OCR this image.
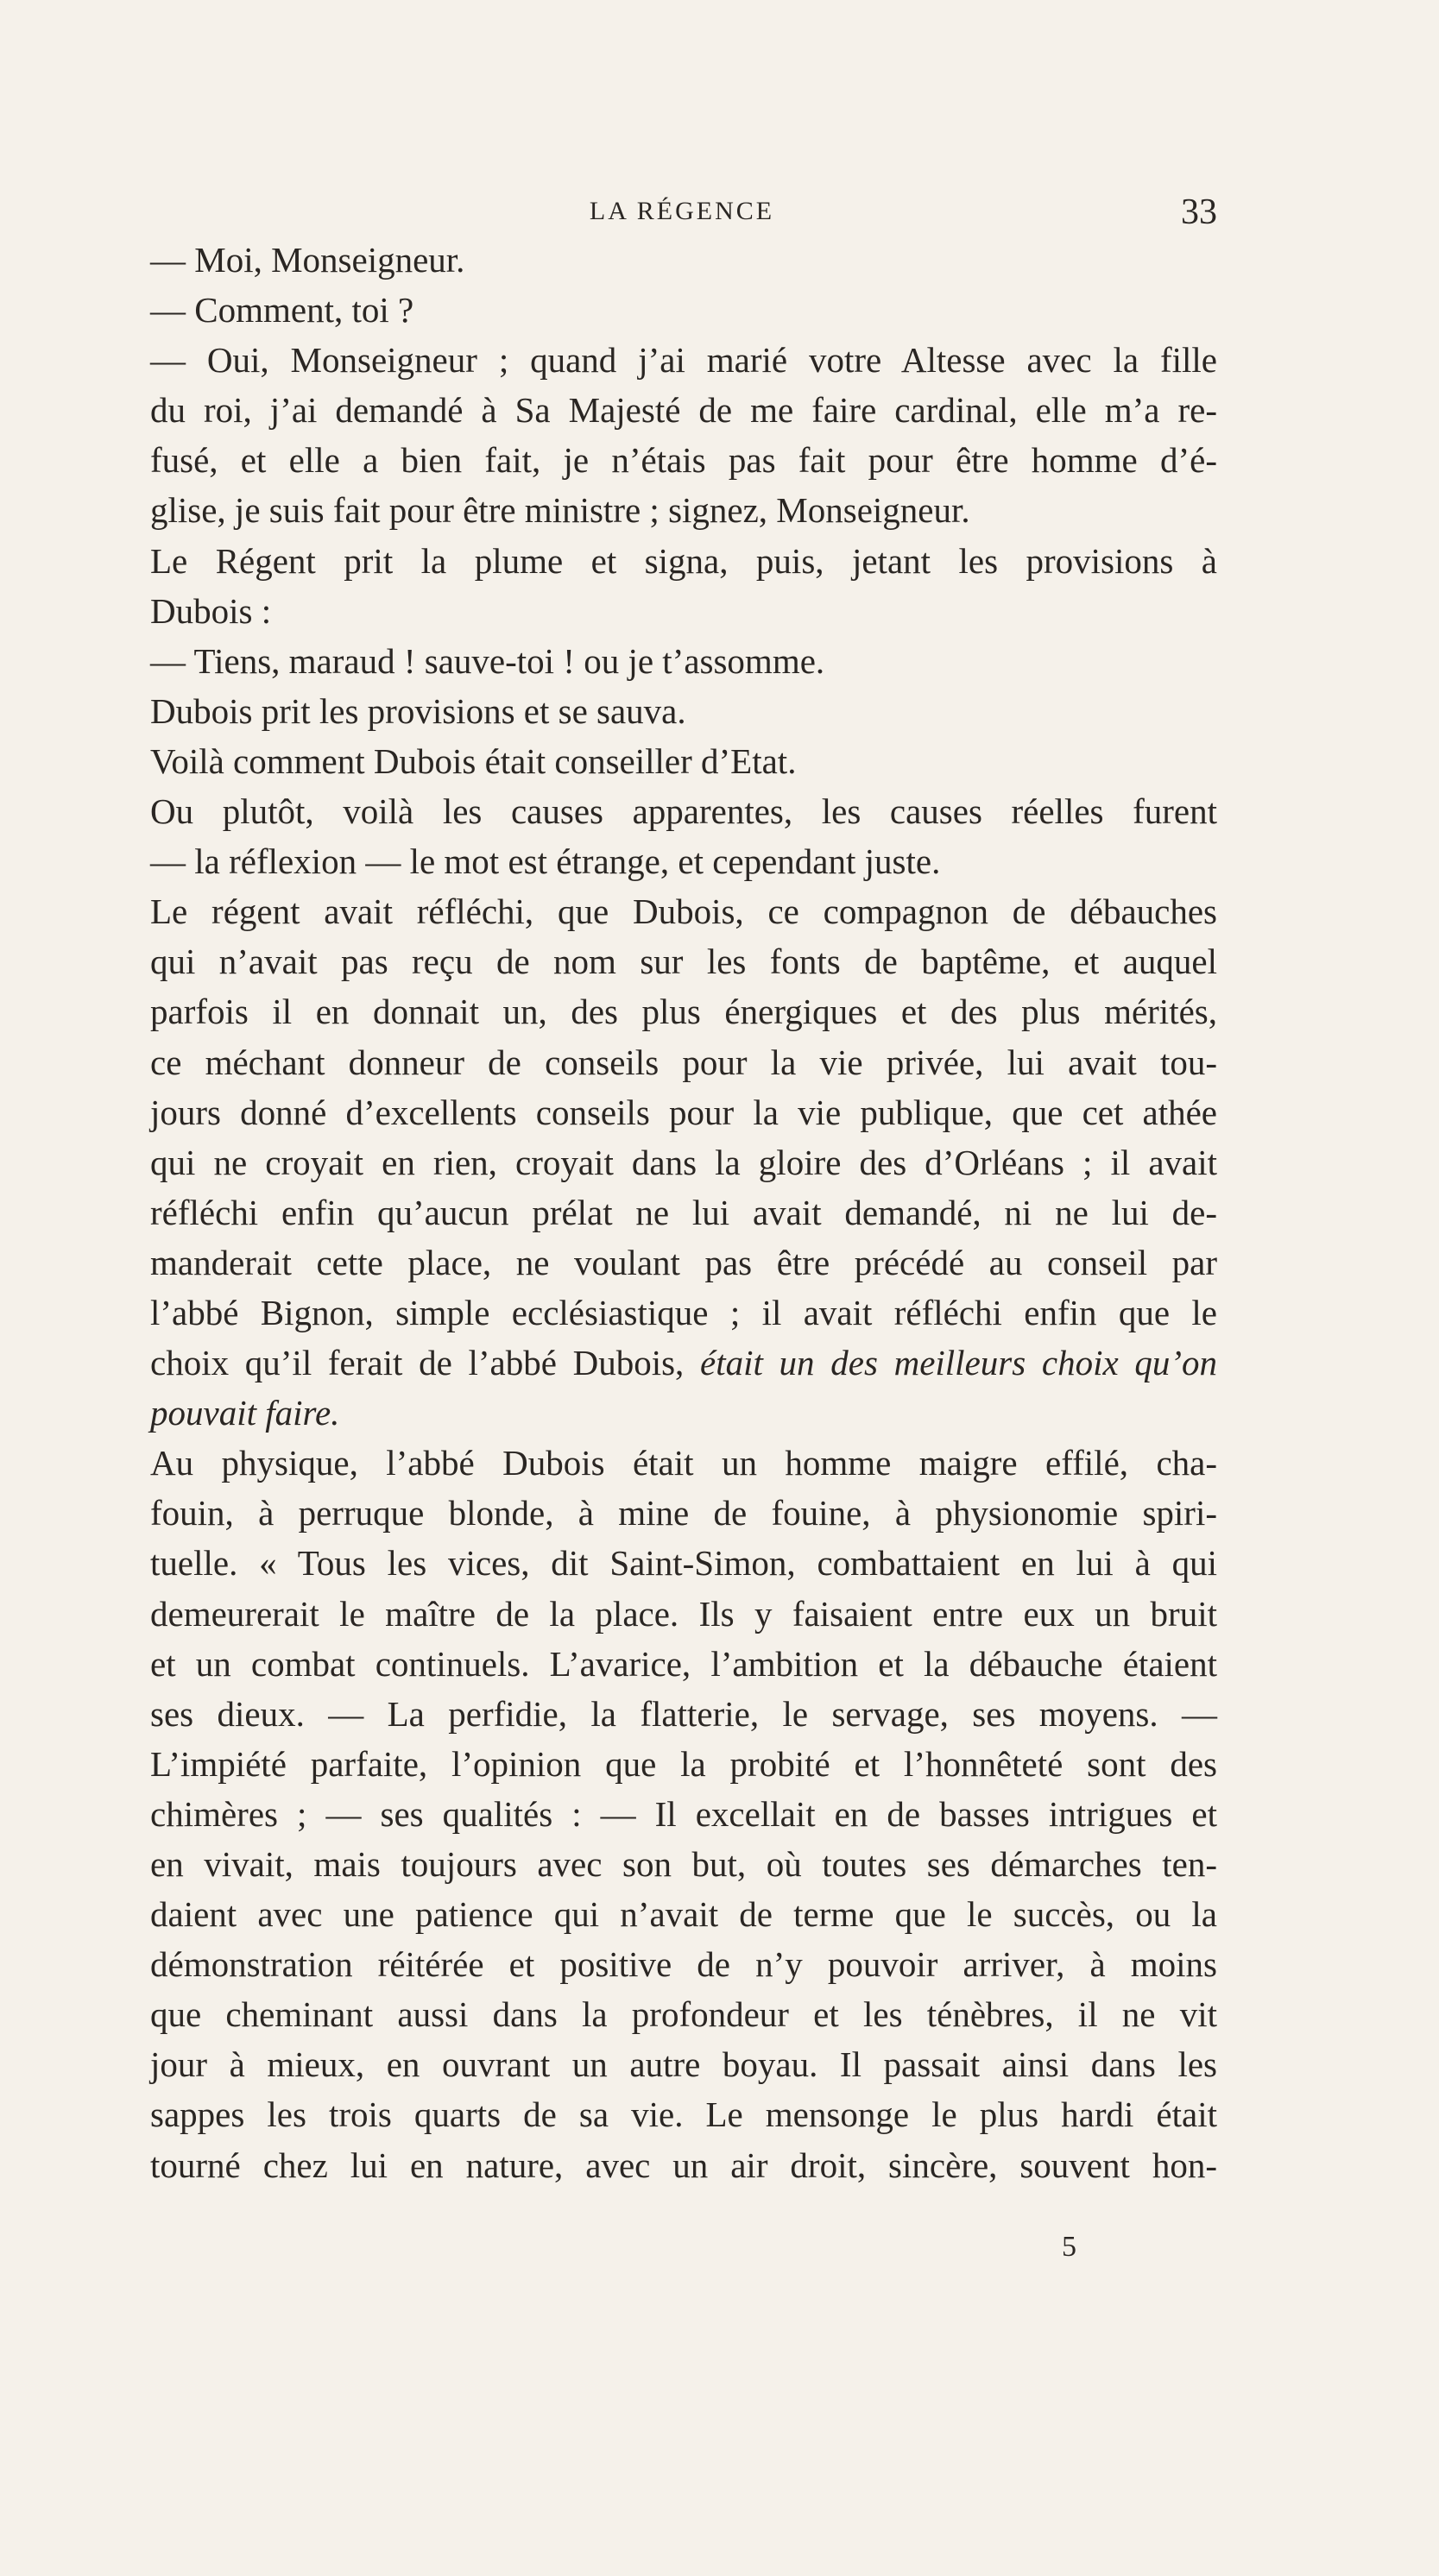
LA RÉGENCE	33
— Moi, Monseigneur.
— Comment, toi ?
— Oui, Monseigneur ; quand j’ai marié votre Altesse avec la fille
du roi, j’ai demandé à Sa Majesté de me faire cardinal, elle m’a re-
fusé, et elle a bien fait, je n’étais pas fait pour être homme d’é-
glise, je suis fait pour être ministre ; signez, Monseigneur.
Le Régent prit la plume et signa, puis, jetant les provisions à
Dubois :
— Tiens, maraud ! sauve-toi ! ou je t’assomme.
Dubois prit les provisions et se sauva.
Voilà comment Dubois était conseiller d’Etat.
Ou plutôt, voilà les causes apparentes, les causes réelles furent
— la réflexion — le mot est étrange, et cependant juste.
Le régent avait réfléchi, que Dubois, ce compagnon de débauches
qui n’avait pas reçu de nom sur les fonts de baptême, et auquel
parfois il en donnait un, des plus énergiques et des plus mérités,
ce méchant donneur de conseils pour la vie privée, lui avait tou-
jours donné d’excellents conseils pour la vie publique, que cet athée
qui ne croyait en rien, croyait dans la gloire des d’Orléans ; il avait
réfléchi enfin qu’aucun prélat ne lui avait demandé, ni ne lui de-
manderait cette place, ne voulant pas être précédé au conseil par
l’abbé Bignon, simple ecclésiastique ; il avait réfléchi enfin que le
choix qu’il ferait de l’abbé Dubois, était un des meilleurs choix qu’on
pouvait faire.
Au physique, l’abbé Dubois était un homme maigre effilé, cha-
fouin, à perruque blonde, à mine de fouine, à physionomie spiri-
tuelle. « Tous les vices, dit Saint-Simon, combattaient en lui à qui
demeurerait le maître de la place. Ils y faisaient entre eux un bruit
et un combat continuels. L’avarice, l’ambition et la débauche étaient
ses dieux. — La perfidie, la flatterie, le servage, ses moyens. —
L’impiété parfaite, l’opinion que la probité et l’honnêteté sont des
chimères ; — ses qualités : — Il excellait en de basses intrigues et
en vivait, mais toujours avec son but, où toutes ses démarches ten-
daient avec une patience qui n’avait de terme que le succès, ou la
démonstration réitérée et positive de n’y pouvoir arriver, à moins
que cheminant aussi dans la profondeur et les ténèbres, il ne vit
jour à mieux, en ouvrant un autre boyau. Il passait ainsi dans les
sappes les trois quarts de sa vie. Le mensonge le plus hardi était
tourné chez lui en nature, avec un air droit, sincère, souvent hon-
5
